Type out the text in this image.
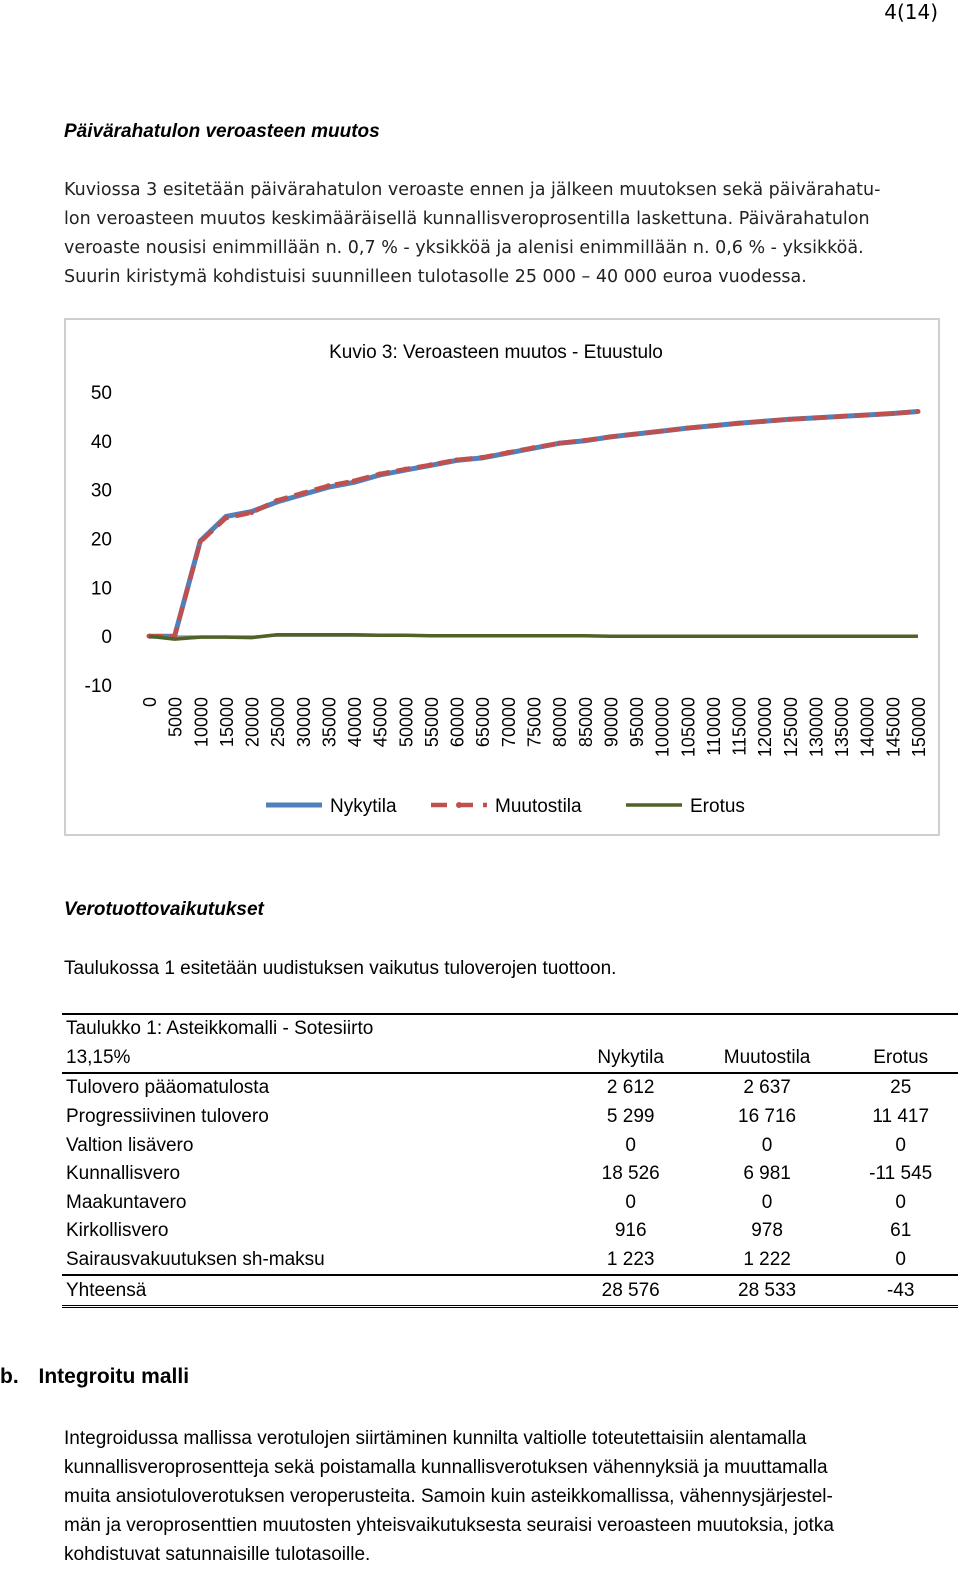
4(14)
Päivärahatulon veroasteen muutos
Kuviossa 3 esitetään päivärahatulon veroaste ennen ja jälkeen muutoksen sekä päivärahatu-
lon veroasteen muutos keskimääräisellä kunnallisveroprosentilla laskettuna. Päivärahatulon
veroaste nousisi enimmillään n. 0,7 % - yksikköä ja alenisi enimmillään n. 0,6 % - yksikköä.
Suurin kiristymä kohdistuisi suunnilleen tulotasolle 25 000 – 40 000 euroa vuodessa.
Kuvio 3: Veroasteen muutos - Etuustulo
50
40
30
20
10
0
-10
0 5000 10000 15000 20000 25000 30000 35000 40000 45000 50000 55000 60000 65000 70000 75000 80000 85000 90000 95000 100000 105000 110000 115000 120000 125000 130000 135000 140000 145000 150000
Nykytila	Muutostila	Erotus
Verotuottovaikutukset
Taulukossa 1 esitetään uudistuksen vaikutus tuloverojen tuottoon.
Taulukko 1: Asteikkomalli - Sotesiirto			
13,15%	Nykytila	Muutostila	Erotus
Tulovero pääomatulosta	2 612	2 637	25
Progressiivinen tulovero	5 299	16 716	11 417
Valtion lisävero	0	0	0
Kunnallisvero	18 526	6 981	-11 545
Maakuntavero	0	0	0
Kirkollisvero	916	978	61
Sairausvakuutuksen sh-maksu	1 223	1 222	0
Yhteensä	28 576	28 533	-43
b. Integroitu malli
Integroidussa mallissa verotulojen siirtäminen kunnilta valtiolle toteutettaisiin alentamalla
kunnallisveroprosentteja sekä poistamalla kunnallisverotuksen vähennyksiä ja muuttamalla
muita ansiotuloverotuksen veroperusteita. Samoin kuin asteikkomallissa, vähennysjärjestel-
män ja veroprosenttien muutosten yhteisvaikutuksesta seuraisi veroasteen muutoksia, jotka
kohdistuvat satunnaisille tulotasoille.
